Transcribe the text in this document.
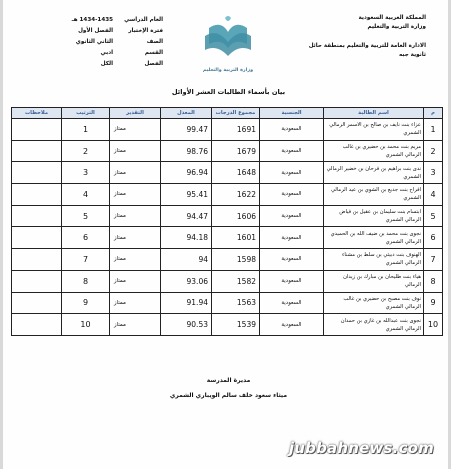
المملكة العربية السعودية
وزارة التربية والتعليم
الادارة العامة للتربية والتعليم بمنطقة حائل
ثانوية جبه
وزارة التربية والتعليم
العام الدراسي
1434-1435 هـ
فترة الإختبار
الفصل الأول
الصف
الثاني الثانوي
القسم
ادبي
الفصل
الكل
بيان بأسماء الطالبات العشر الأوائل
م	اسم الطالبة	الجنسية	مجموع الدرجات	المعدل	التقدير	الترتيب	ملاحظات
1	عزاء بنت نايف بن صالح بن الاسمر الرمالي الشمري	السعودية	1691	99.47	ممتاز	1	
2	مريم بنت محمد بن حضيري بن غالب الرمالي الشمري	السعودية	1679	98.76	ممتاز	2	
3	ندى بنت براهيم بن فرحان بن خضير الرمالي الشمري	السعودية	1648	96.94	ممتاز	3	
4	افراح بنت جديع بن الشوي بن عيد الرمالي الشمري	السعودية	1622	95.41	ممتاز	4	
5	ابتسام بنت سليمان بن عقيل بن فياض الرمالي الشمري	السعودية	1606	94.47	ممتاز	5	
6	نجوى بنت محمد بن ضيف الله بن الحميدي الرمالي الشمري	السعودية	1601	94.18	ممتاز	6	
7	الهنوف بنت دبيثي بن سلط بن مشناء الرمالي الشمري	السعودية	1598	94	ممتاز	7	
8	هياء بنت طليحان بن مبارك بن زيدان الرمالي	السعودية	1582	93.06	ممتاز	8	
9	نوف بنت مصبح بن حضيري بن غالب الرمالي الشمري	السعودية	1563	91.94	ممتاز	9	
10	نجوى بنت عبدالله بن غازي بن حمدان الرمالي الشمري	السعودية	1539	90.53	ممتاز	10	
مديرة المدرسة
ميثاء سعود خلف سالم الويباري الشمري
jubbahnews.com
